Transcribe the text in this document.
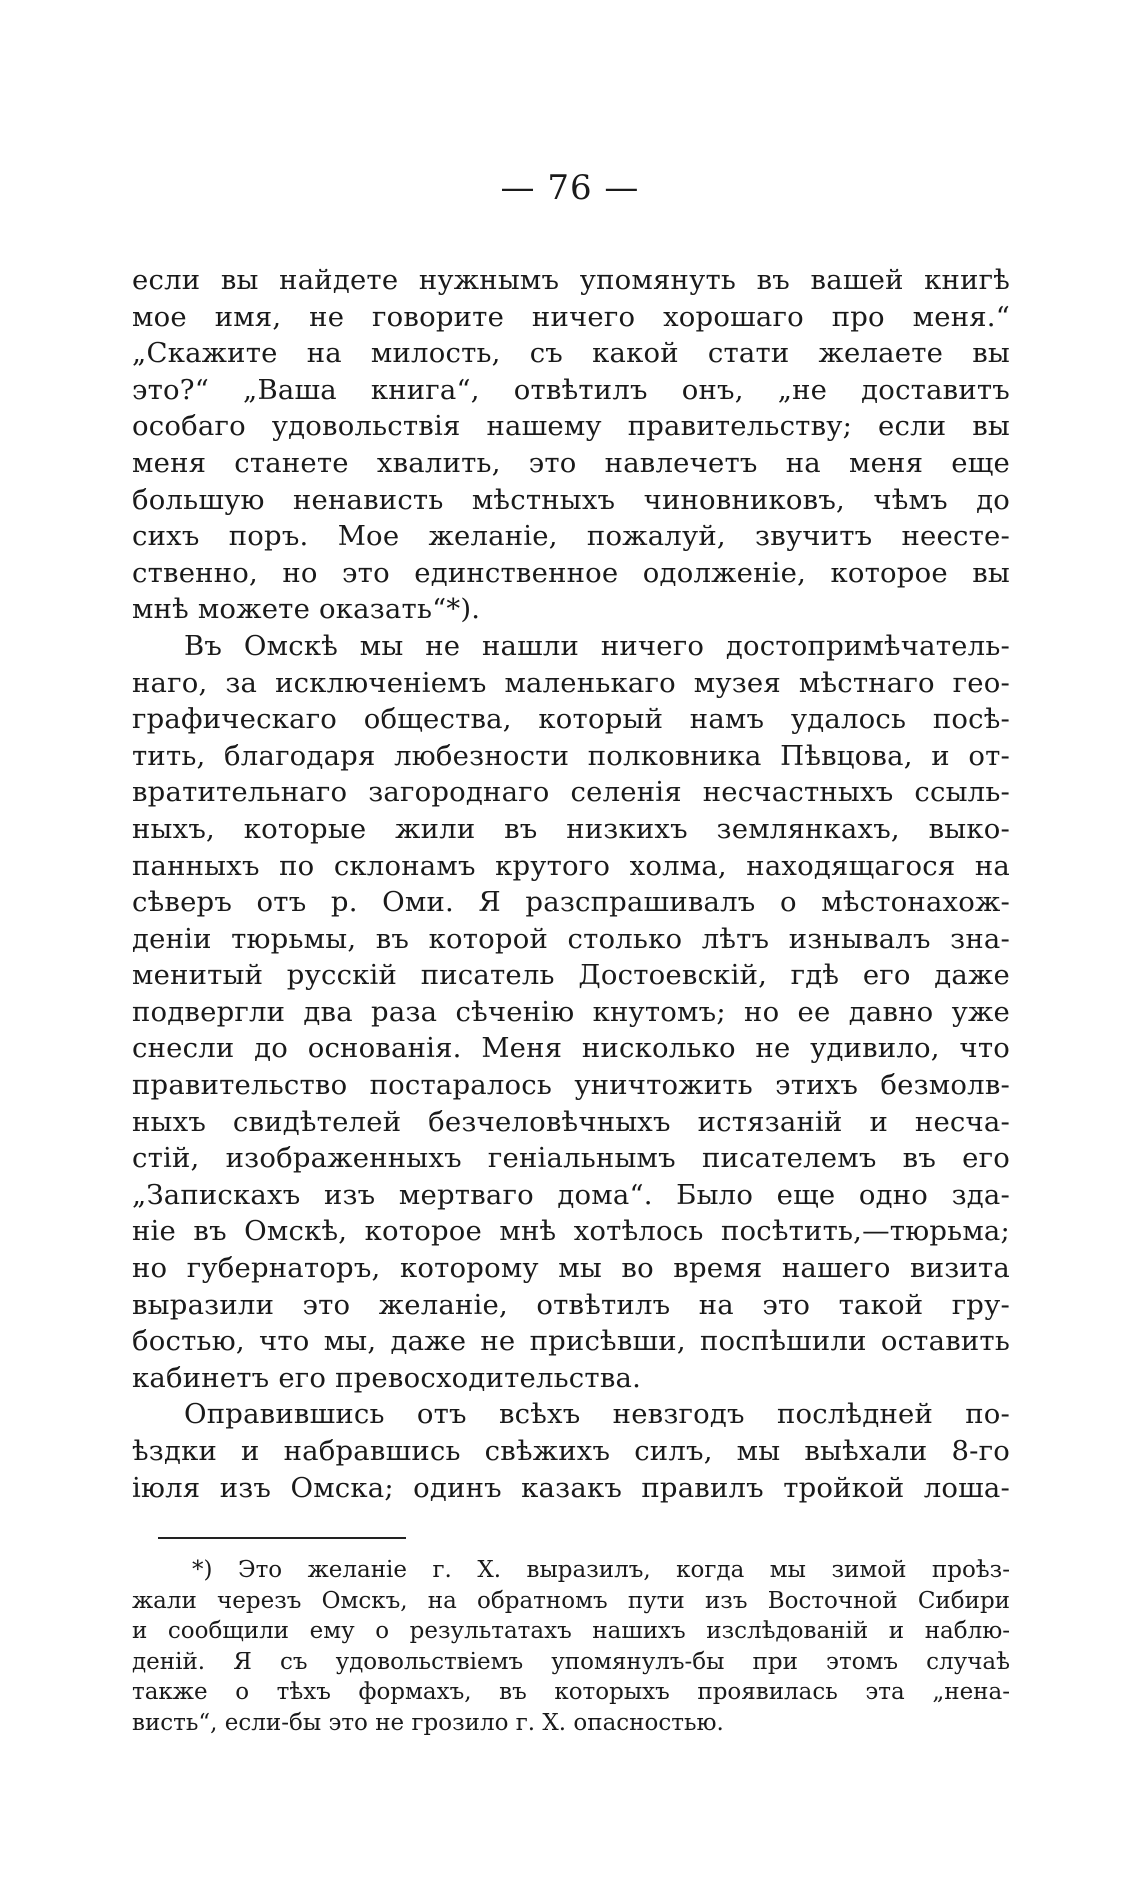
— 76 —
если вы найдете нужнымъ упомянуть въ вашей книгѣ
мое имя, не говорите ничего хорошаго про меня.“
„Скажите на милость, съ какой стати желаете вы
это?“ „Ваша книга“, отвѣтилъ онъ, „не доставитъ
особаго удовольствія нашему правительству; если вы
меня станете хвалить, это навлечетъ на меня еще
большую ненависть мѣстныхъ чиновниковъ, чѣмъ до
сихъ поръ. Мое желаніе, пожалуй, звучитъ неесте-
ственно, но это единственное одолженіе, которое вы
мнѣ можете оказать“*).
Въ Омскѣ мы не нашли ничего достопримѣчатель-
наго, за исключеніемъ маленькаго музея мѣстнаго гео-
графическаго общества, который намъ удалось посѣ-
тить, благодаря любезности полковника Пѣвцова, и от-
вратительнаго загороднаго селенія несчастныхъ ссыль-
ныхъ, которые жили въ низкихъ землянкахъ, выко-
панныхъ по склонамъ крутого холма, находящагося на
сѣверъ отъ р. Оми. Я разспрашивалъ о мѣстонахож-
деніи тюрьмы, въ которой столько лѣтъ изнывалъ зна-
менитый русскій писатель Достоевскій, гдѣ его даже
подвергли два раза сѣченію кнутомъ; но ее давно уже
снесли до основанія. Меня нисколько не удивило, что
правительство постаралось уничтожить этихъ безмолв-
ныхъ свидѣтелей безчеловѣчныхъ истязаній и несча-
стій, изображенныхъ геніальнымъ писателемъ въ его
„Запискахъ изъ мертваго дома“. Было еще одно зда-
ніе въ Омскѣ, которое мнѣ хотѣлось посѣтить,—тюрьма;
но губернаторъ, которому мы во время нашего визита
выразили это желаніе, отвѣтилъ на это такой гру-
бостью, что мы, даже не присѣвши, поспѣшили оставить
кабинетъ его превосходительства.
Оправившись отъ всѣхъ невзгодъ послѣдней по-
ѣздки и набравшись свѣжихъ силъ, мы выѣхали 8-го
іюля изъ Омска; одинъ казакъ правилъ тройкой лоша-
*) Это желаніе г. Х. выразилъ, когда мы зимой проѣз-
жали черезъ Омскъ, на обратномъ пути изъ Восточной Сибири
и сообщили ему о результатахъ нашихъ изслѣдованій и наблю-
деній. Я съ удовольствіемъ упомянулъ-бы при этомъ случаѣ
также о тѣхъ формахъ, въ которыхъ проявилась эта „нена-
висть“, если-бы это не грозило г. Х. опасностью.
